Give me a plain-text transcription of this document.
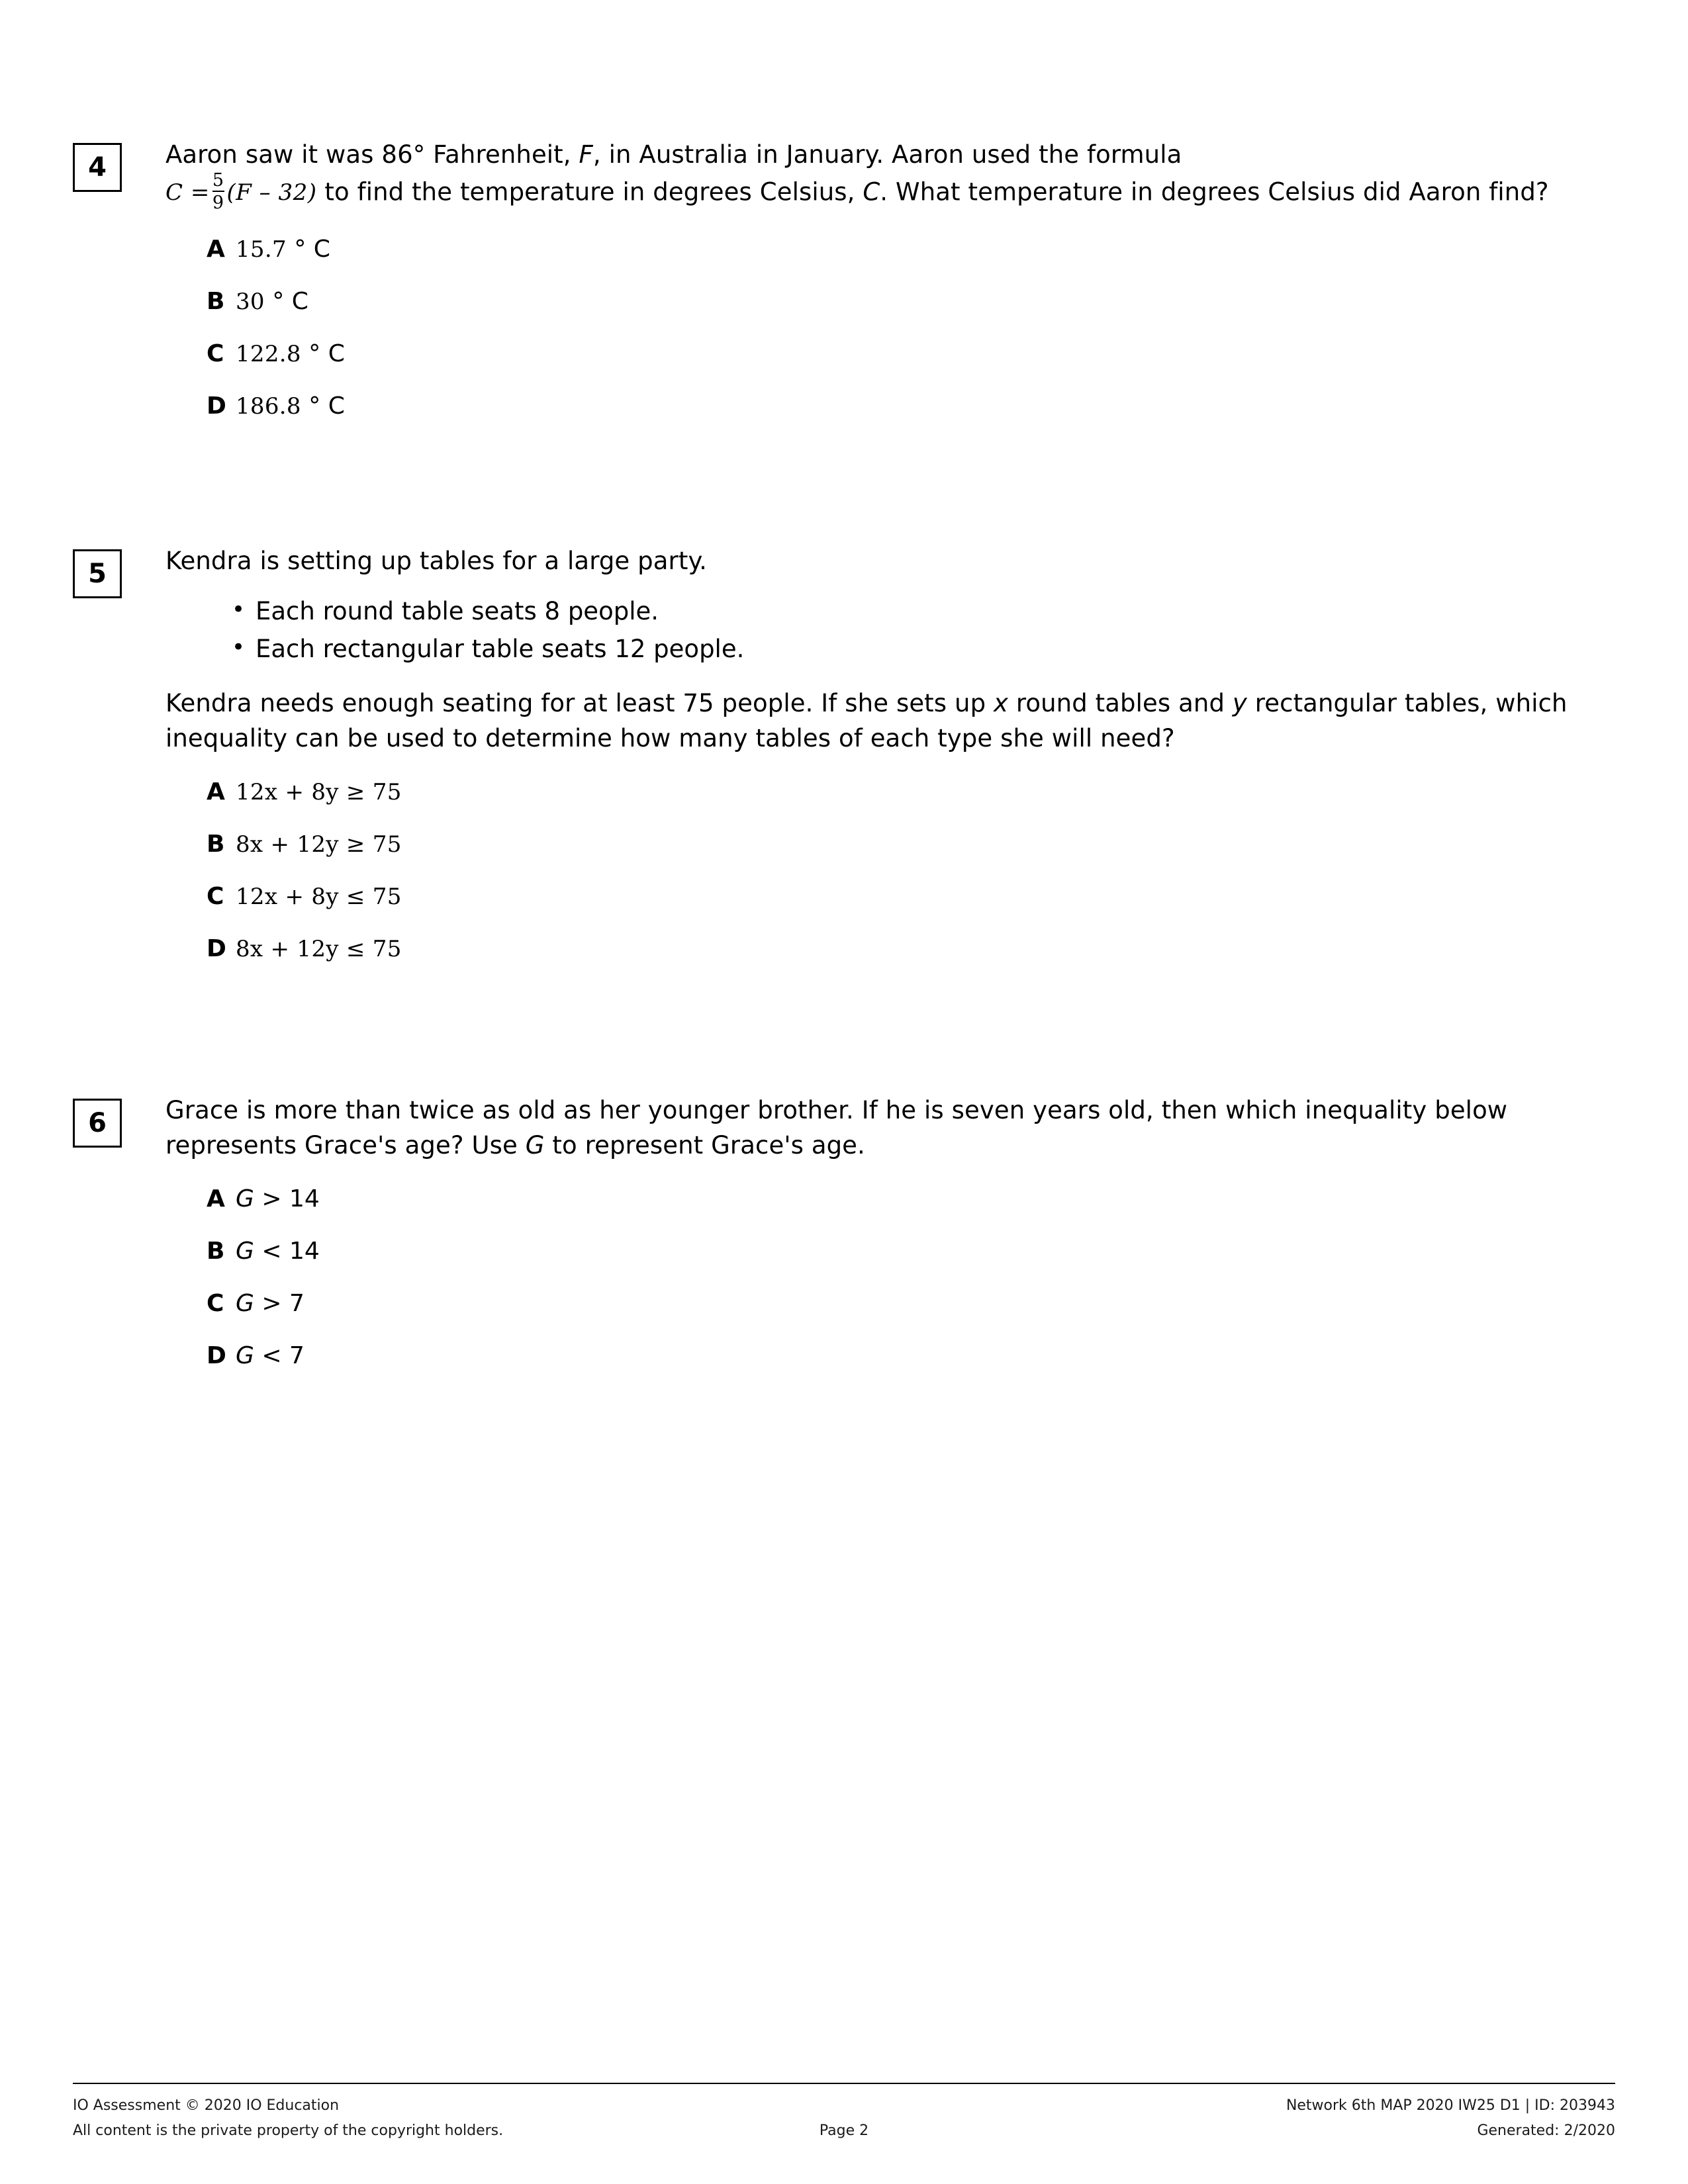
4	Aaron saw it was 86° Fahrenheit, F, in Australia in January. Aaron used the formula

$C = \frac{5}{9} (F - 32)$ to find the temperature in degrees Celsius, C. What temperature in degrees Celsius did Aaron find?
A 15.7 ° C
B 30 ° C
C 122.8 ° C
D 186.8 ° C
5	Kendra is setting up tables for a large party.
• Each round table seats 8 people.
• Each rectangular table seats 12 people.
Kendra needs enough seating for at least 75 people. If she sets up x round tables and y rectangular tables, which inequality can be used to determine how many tables of each type she will need?
A 12x + 8y ≥ 75
B 8x + 12y ≥ 75
C 12x + 8y ≤ 75
D 8x + 12y ≤ 75
6	Grace is more than twice as old as her younger brother. If he is seven years old, then which inequality below represents Grace's age? Use G to represent Grace's age.
A G > 14
B G < 14
C G > 7
D G < 7
IO Assessment © 2020 IO Education	Network 6th MAP 2020 IW25 D1 | ID: 203943
All content is the private property of the copyright holders.	Page 2	Generated: 2/2020
